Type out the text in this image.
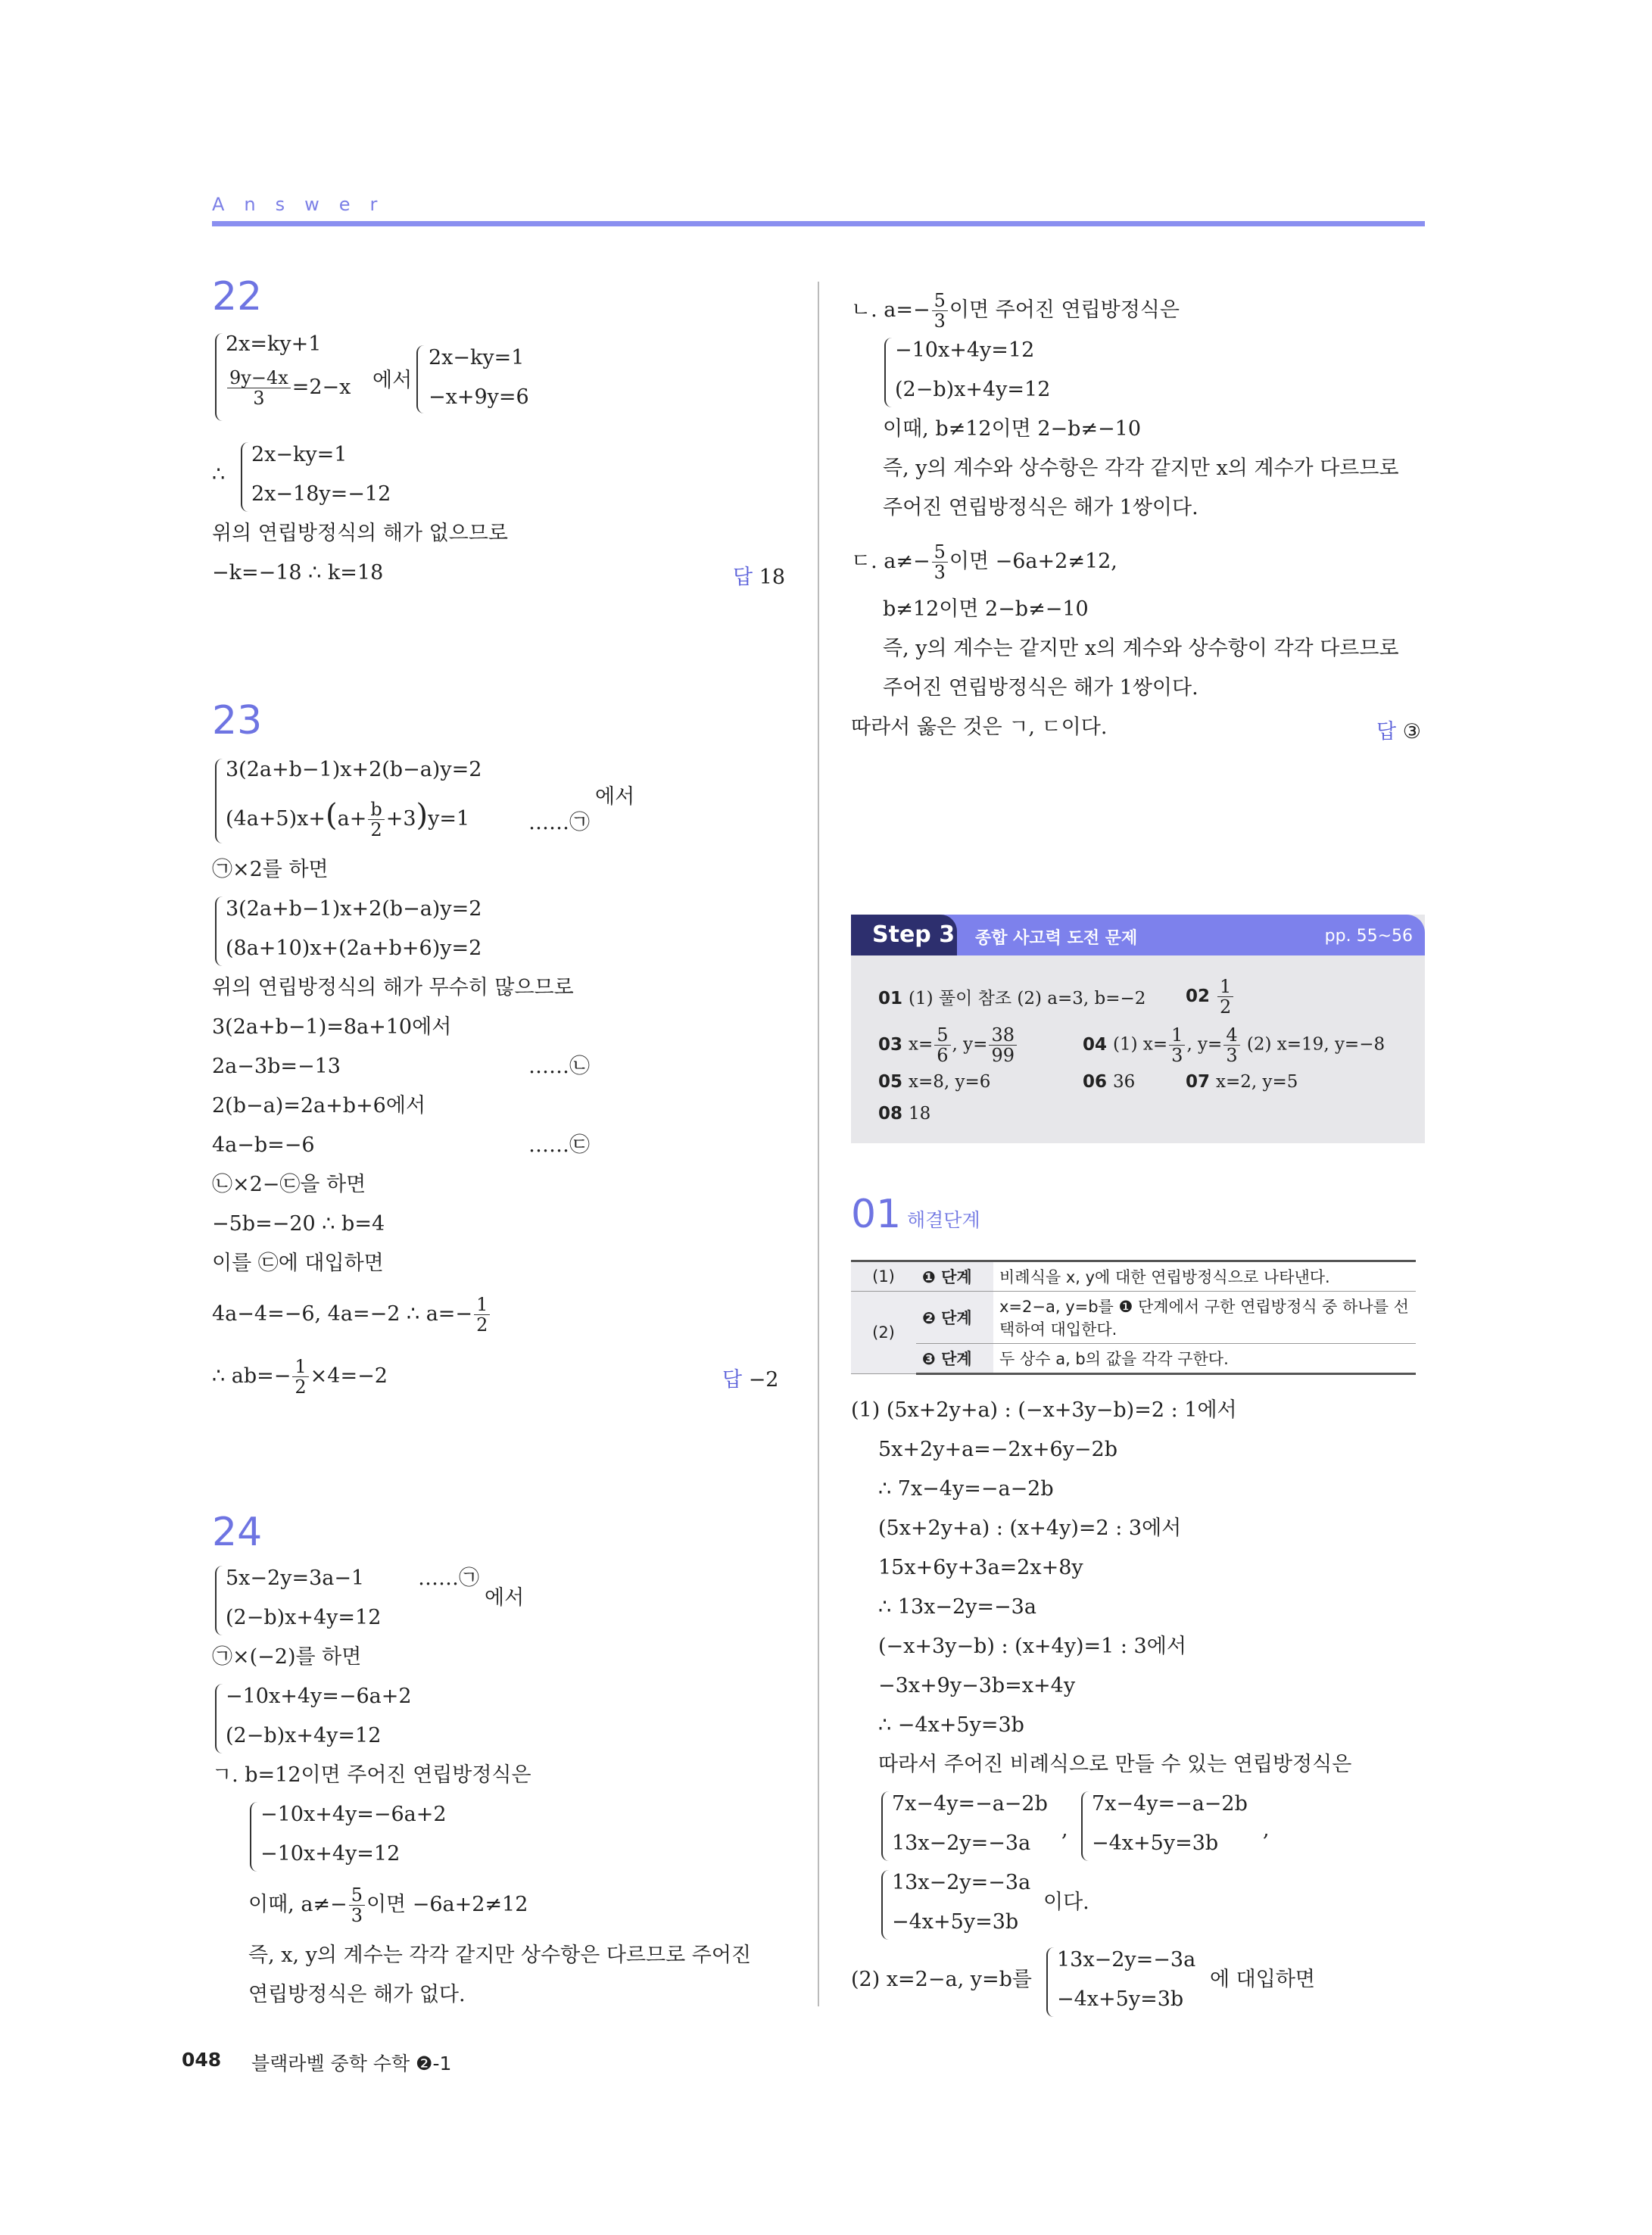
Answer
22
2x=ky+1
$\frac{9y-4x}{3} =2-x$ 에서
2x−ky=1
−x+9y=6
∴
2x−ky=1
2x−18y=−12
위의 연립방정식의 해가 없으므로
−k=−18 ∴ k=18	답 18
23
3(2a+b−1)x+2(b−a)y=2
$(4a+5)x+(a+ \frac{b}{2} +3)y=1$	……㉠
에서
㉠×2를 하면
3(2a+b−1)x+2(b−a)y=2
(8a+10)x+(2a+b+6)y=2
위의 연립방정식의 해가 무수히 많으므로
3(2a+b−1)=8a+10에서
2a−3b=−13	……㉡
2(b−a)=2a+b+6에서
4a−b=−6	……㉢
㉡×2−㉢을 하면
−5b=−20 ∴ b=4
이를 ㉢에 대입하면
4a−4=−6, 4a=−2 ∴ $a=- \frac{1}{2}$
∴ $ab=- \frac{1}{2} \times 4=-2$	답 −2
24
5x−2y=3a−1	……㉠
에서
(2−b)x+4y=12
㉠×(−2)를 하면
−10x+4y=−6a+2
(2−b)x+4y=12
ㄱ. b=12이면 주어진 연립방정식은
−10x+4y=−6a+2
−10x+4y=12
이때, $a\ne- \frac{5}{3}$ 이면 −6a+2≠12
즉, x, y의 계수는 각각 같지만 상수항은 다르므로 주어진
연립방정식은 해가 없다.
ㄴ. $a=- \frac{5}{3}$ 이면 주어진 연립방정식은
−10x+4y=12
(2−b)x+4y=12
이때, b≠12이면 2−b≠−10
즉, y의 계수와 상수항은 각각 같지만 x의 계수가 다르므로
주어진 연립방정식은 해가 1쌍이다.
ㄷ. $a\ne- \frac{5}{3}$ 이면 −6a+2≠12,
b≠12이면 2−b≠−10
즉, y의 계수는 같지만 x의 계수와 상수항이 각각 다르므로
주어진 연립방정식은 해가 1쌍이다.
따라서 옳은 것은 ㄱ, ㄷ이다.	답 ③
Step 3 종합 사고력 도전 문제	pp. 55~56
01 (1) 풀이 참조 (2) a=3, b=−2 $02 \frac{1}{2}$
03 $x= \frac{5}{6}$ , $y= \frac{38}{99}$	04 (1) $x= \frac{1}{3}$ , $y= \frac{4}{3} (2)$ x=19, y=−8
05 x=8, y=6	06 36	07 x=2, y=5
08 18
01 해결단계
(1)	❶ 단계	비례식을 x, y에 대한 연립방정식으로 나타낸다.
(2)	❷ 단계	x=2−a, y=b를 ❶ 단계에서 구한 연립방정식 중 하나를 선택하여 대입한다.
	❸ 단계	두 상수 a, b의 값을 각각 구한다.
(1) (5x+2y+a) : (−x+3y−b)=2 : 1에서
5x+2y+a=−2x+6y−2b
∴ 7x−4y=−a−2b
(5x+2y+a) : (x+4y)=2 : 3에서
15x+6y+3a=2x+8y
∴ 13x−2y=−3a
(−x+3y−b) : (x+4y)=1 : 3에서
−3x+9y−3b=x+4y
∴ −4x+5y=3b
따라서 주어진 비례식으로 만들 수 있는 연립방정식은
7x−4y=−a−2b
13x−2y=−3a
,
7x−4y=−a−2b
−4x+5y=3b
,
13x−2y=−3a
−4x+5y=3b
이다.
(2) x=2−a, y=b를
13x−2y=−3a
−4x+5y=3b
에 대입하면
048 블랙라벨 중학 수학 ❷-1
